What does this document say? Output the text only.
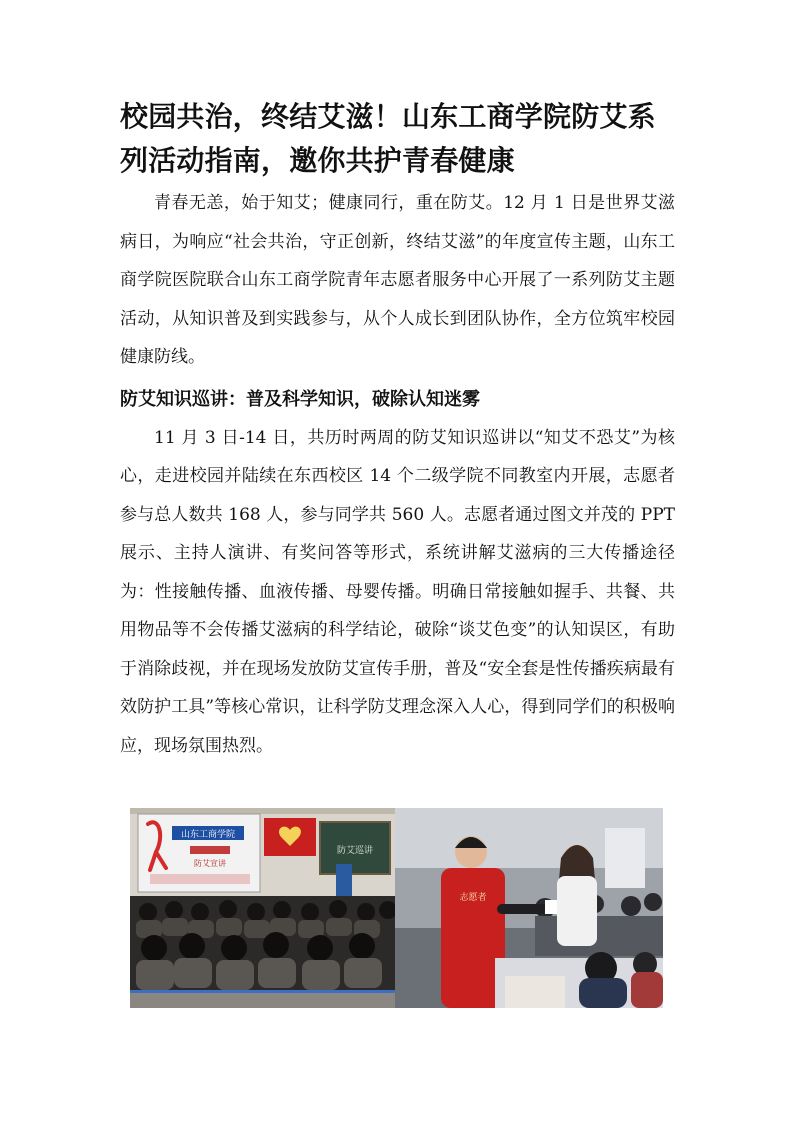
校园共治，终结艾滋！山东工商学院防艾系列活动指南，邀你共护青春健康

青春无恙，始于知艾；健康同行，重在防艾。12 月 1 日是世界艾滋病日，为响应“社会共治，守正创新，终结艾滋”的年度宣传主题，山东工商学院医院联合山东工商学院青年志愿者服务中心开展了一系列防艾主题活动，从知识普及到实践参与，从个人成长到团队协作，全方位筑牢校园健康防线。

防艾知识巡讲：普及科学知识，破除认知迷雾

11 月 3 日-14 日，共历时两周的防艾知识巡讲以“知艾不恐艾”为核心，走进校园并陆续在东西校区 14 个二级学院不同教室内开展，志愿者参与总人数共 168 人，参与同学共 560 人。志愿者通过图文并茂的 PPT 展示、主持人演讲、有奖问答等形式，系统讲解艾滋病的三大传播途径为：性接触传播、血液传播、母婴传播。明确日常接触如握手、共餐、共用物品等不会传播艾滋病的科学结论，破除“谈艾色变”的认知误区，有助于消除歧视，并在现场发放防艾宣传手册，普及“安全套是性传播疾病最有效防护工具”等核心常识，让科学防艾理念深入人心，得到同学们的积极响应，现场氛围热烈。

山东工商学院
防艾宣讲
防艾巡讲
志愿者
